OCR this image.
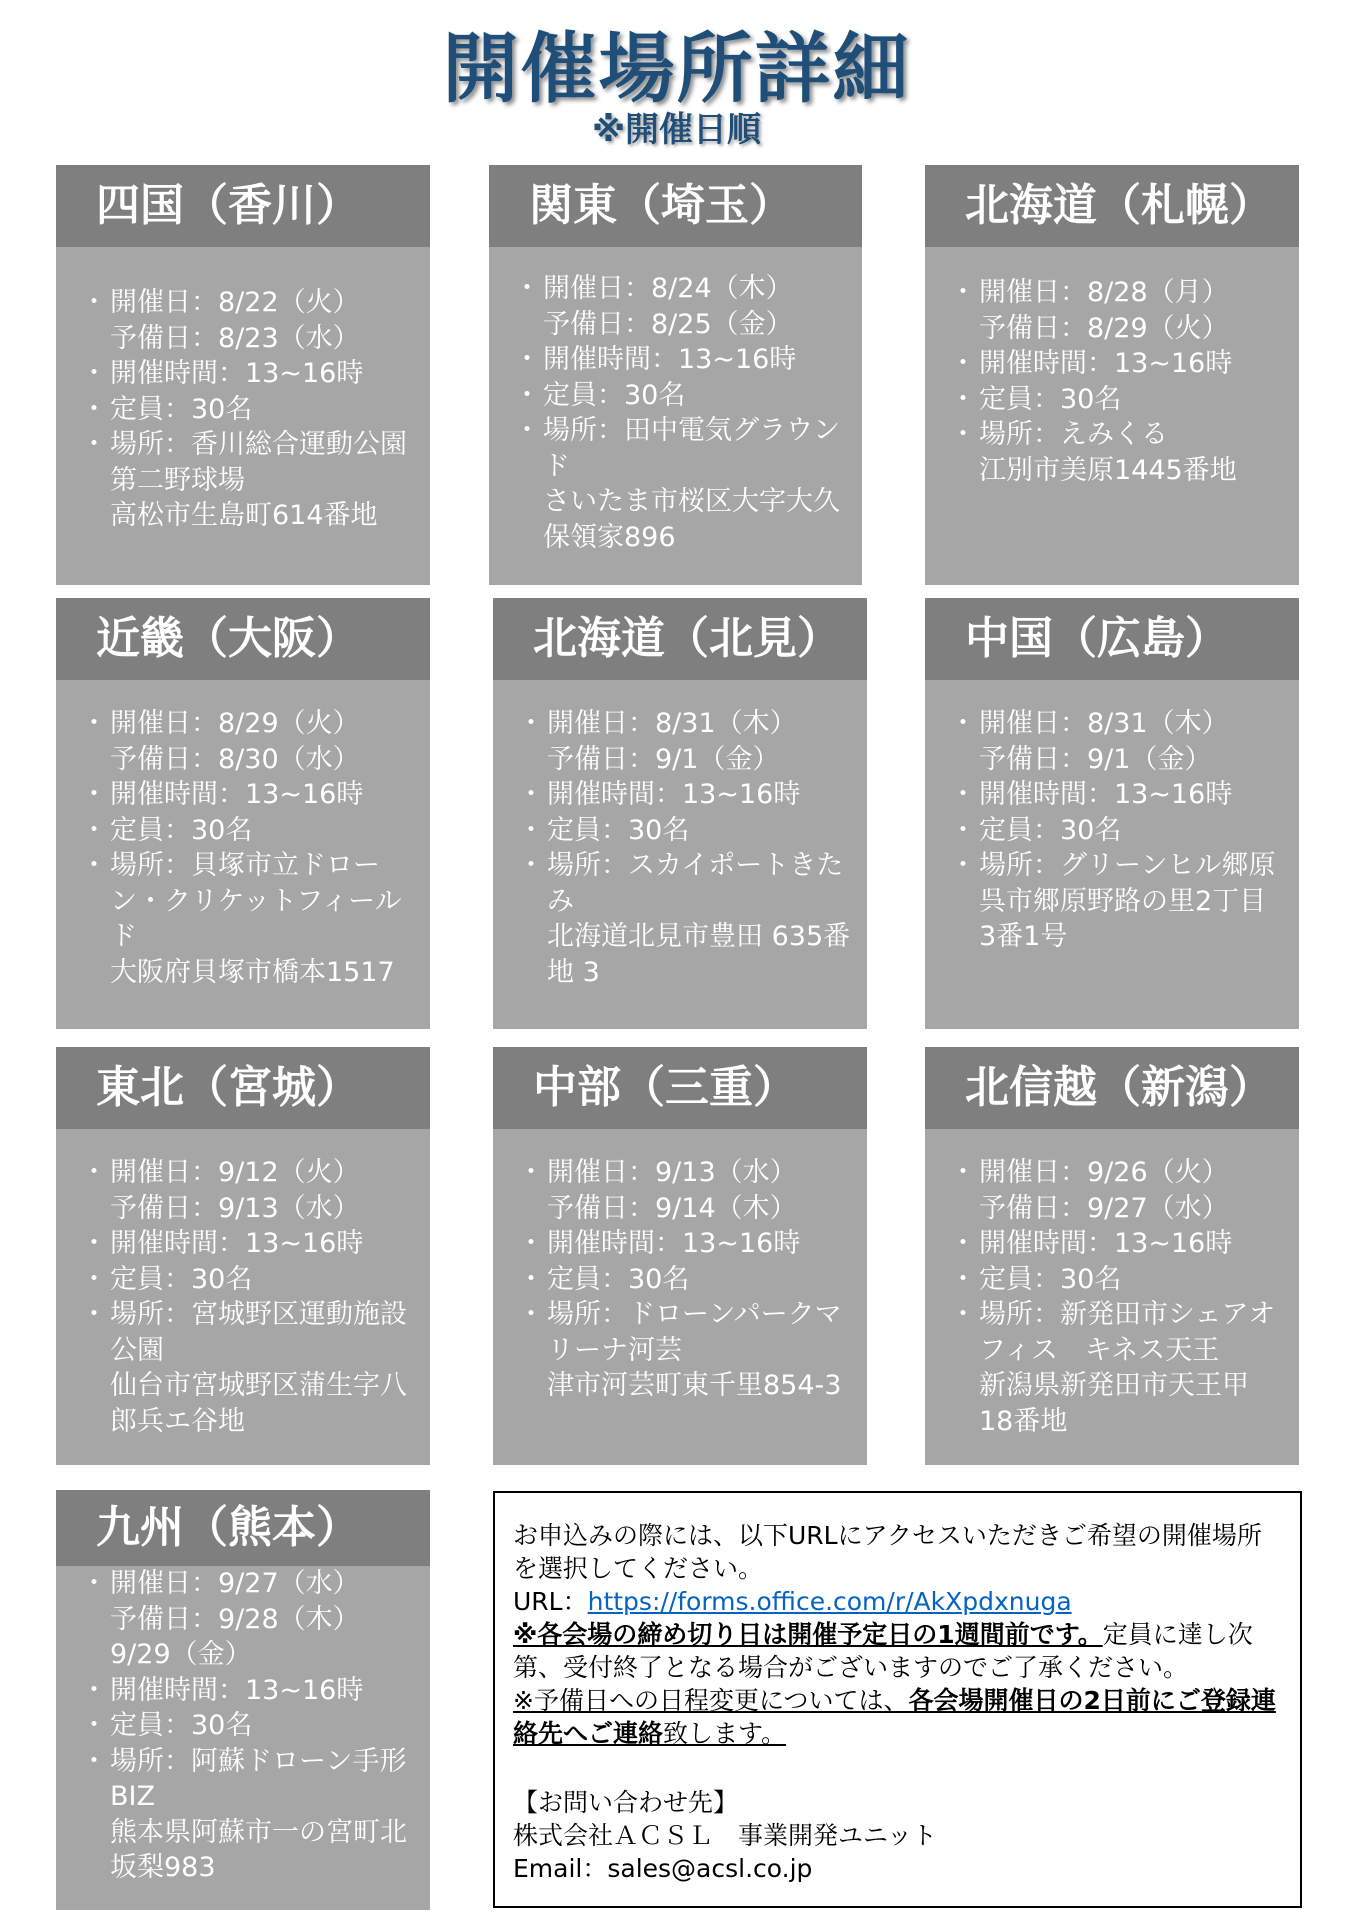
開催場所詳細
※開催日順
四国（香川）
・ 開催日：8/22（火）
予備日：8/23（水）
・ 開催時間：13~16時
・ 定員：30名
・ 場所：香川総合運動公園第二野球場
高松市生島町614番地
関東（埼玉）
・ 開催日：8/24（木）
予備日：8/25（金）
・ 開催時間：13~16時
・ 定員：30名
・ 場所：田中電気グラウンド
さいたま市桜区大字大久保領家896
北海道（札幌）
・ 開催日：8/28（月）
予備日：8/29（火）
・ 開催時間：13~16時
・ 定員：30名
・ 場所：えみくる
江別市美原1445番地
近畿（大阪）
・ 開催日：8/29（火）
予備日：8/30（水）
・ 開催時間：13~16時
・ 定員：30名
・ 場所：貝塚市立ドローン・クリケットフィールド
大阪府貝塚市橋本1517
北海道（北見）
・ 開催日：8/31（木）
予備日：9/1（金）
・ 開催時間：13~16時
・ 定員：30名
・ 場所：スカイポートきたみ
北海道北見市豊田 635番地 3
中国（広島）
・ 開催日：8/31（木）
予備日：9/1（金）
・ 開催時間：13~16時
・ 定員：30名
・ 場所：グリーンヒル郷原
呉市郷原野路の里2丁目3番1号
東北（宮城）
・ 開催日：9/12（火）
予備日：9/13（水）
・ 開催時間：13~16時
・ 定員：30名
・ 場所：宮城野区運動施設公園
仙台市宮城野区蒲生字八郎兵エ谷地
中部（三重）
・ 開催日：9/13（水）
予備日：9/14（木）
・ 開催時間：13~16時
・ 定員：30名
・ 場所：ドローンパークマリーナ河芸
津市河芸町東千里854-3
北信越（新潟）
・ 開催日：9/26（火）
予備日：9/27（水）
・ 開催時間：13~16時
・ 定員：30名
・ 場所：新発田市シェアオフィス　キネス天王
新潟県新発田市天王甲18番地
九州（熊本）
・ 開催日：9/27（水）
予備日：9/28（木）
9/29（金）
・ 開催時間：13~16時
・ 定員：30名
・ 場所：阿蘇ドローン手形BIZ
熊本県阿蘇市一の宮町北坂梨983
お申込みの際には、以下URLにアクセスいただきご希望の開催場所を選択してください。
URL：https://forms.office.com/r/AkXpdxnuga
※各会場の締め切り日は開催予定日の1週間前です。定員に達し次第、受付終了となる場合がございますのでご了承ください。
※予備日への日程変更については、各会場開催日の2日前にご登録連絡先へご連絡致します。
【お問い合わせ先】
株式会社ＡＣＳＬ　事業開発ユニット
Email：sales@acsl.co.jp
